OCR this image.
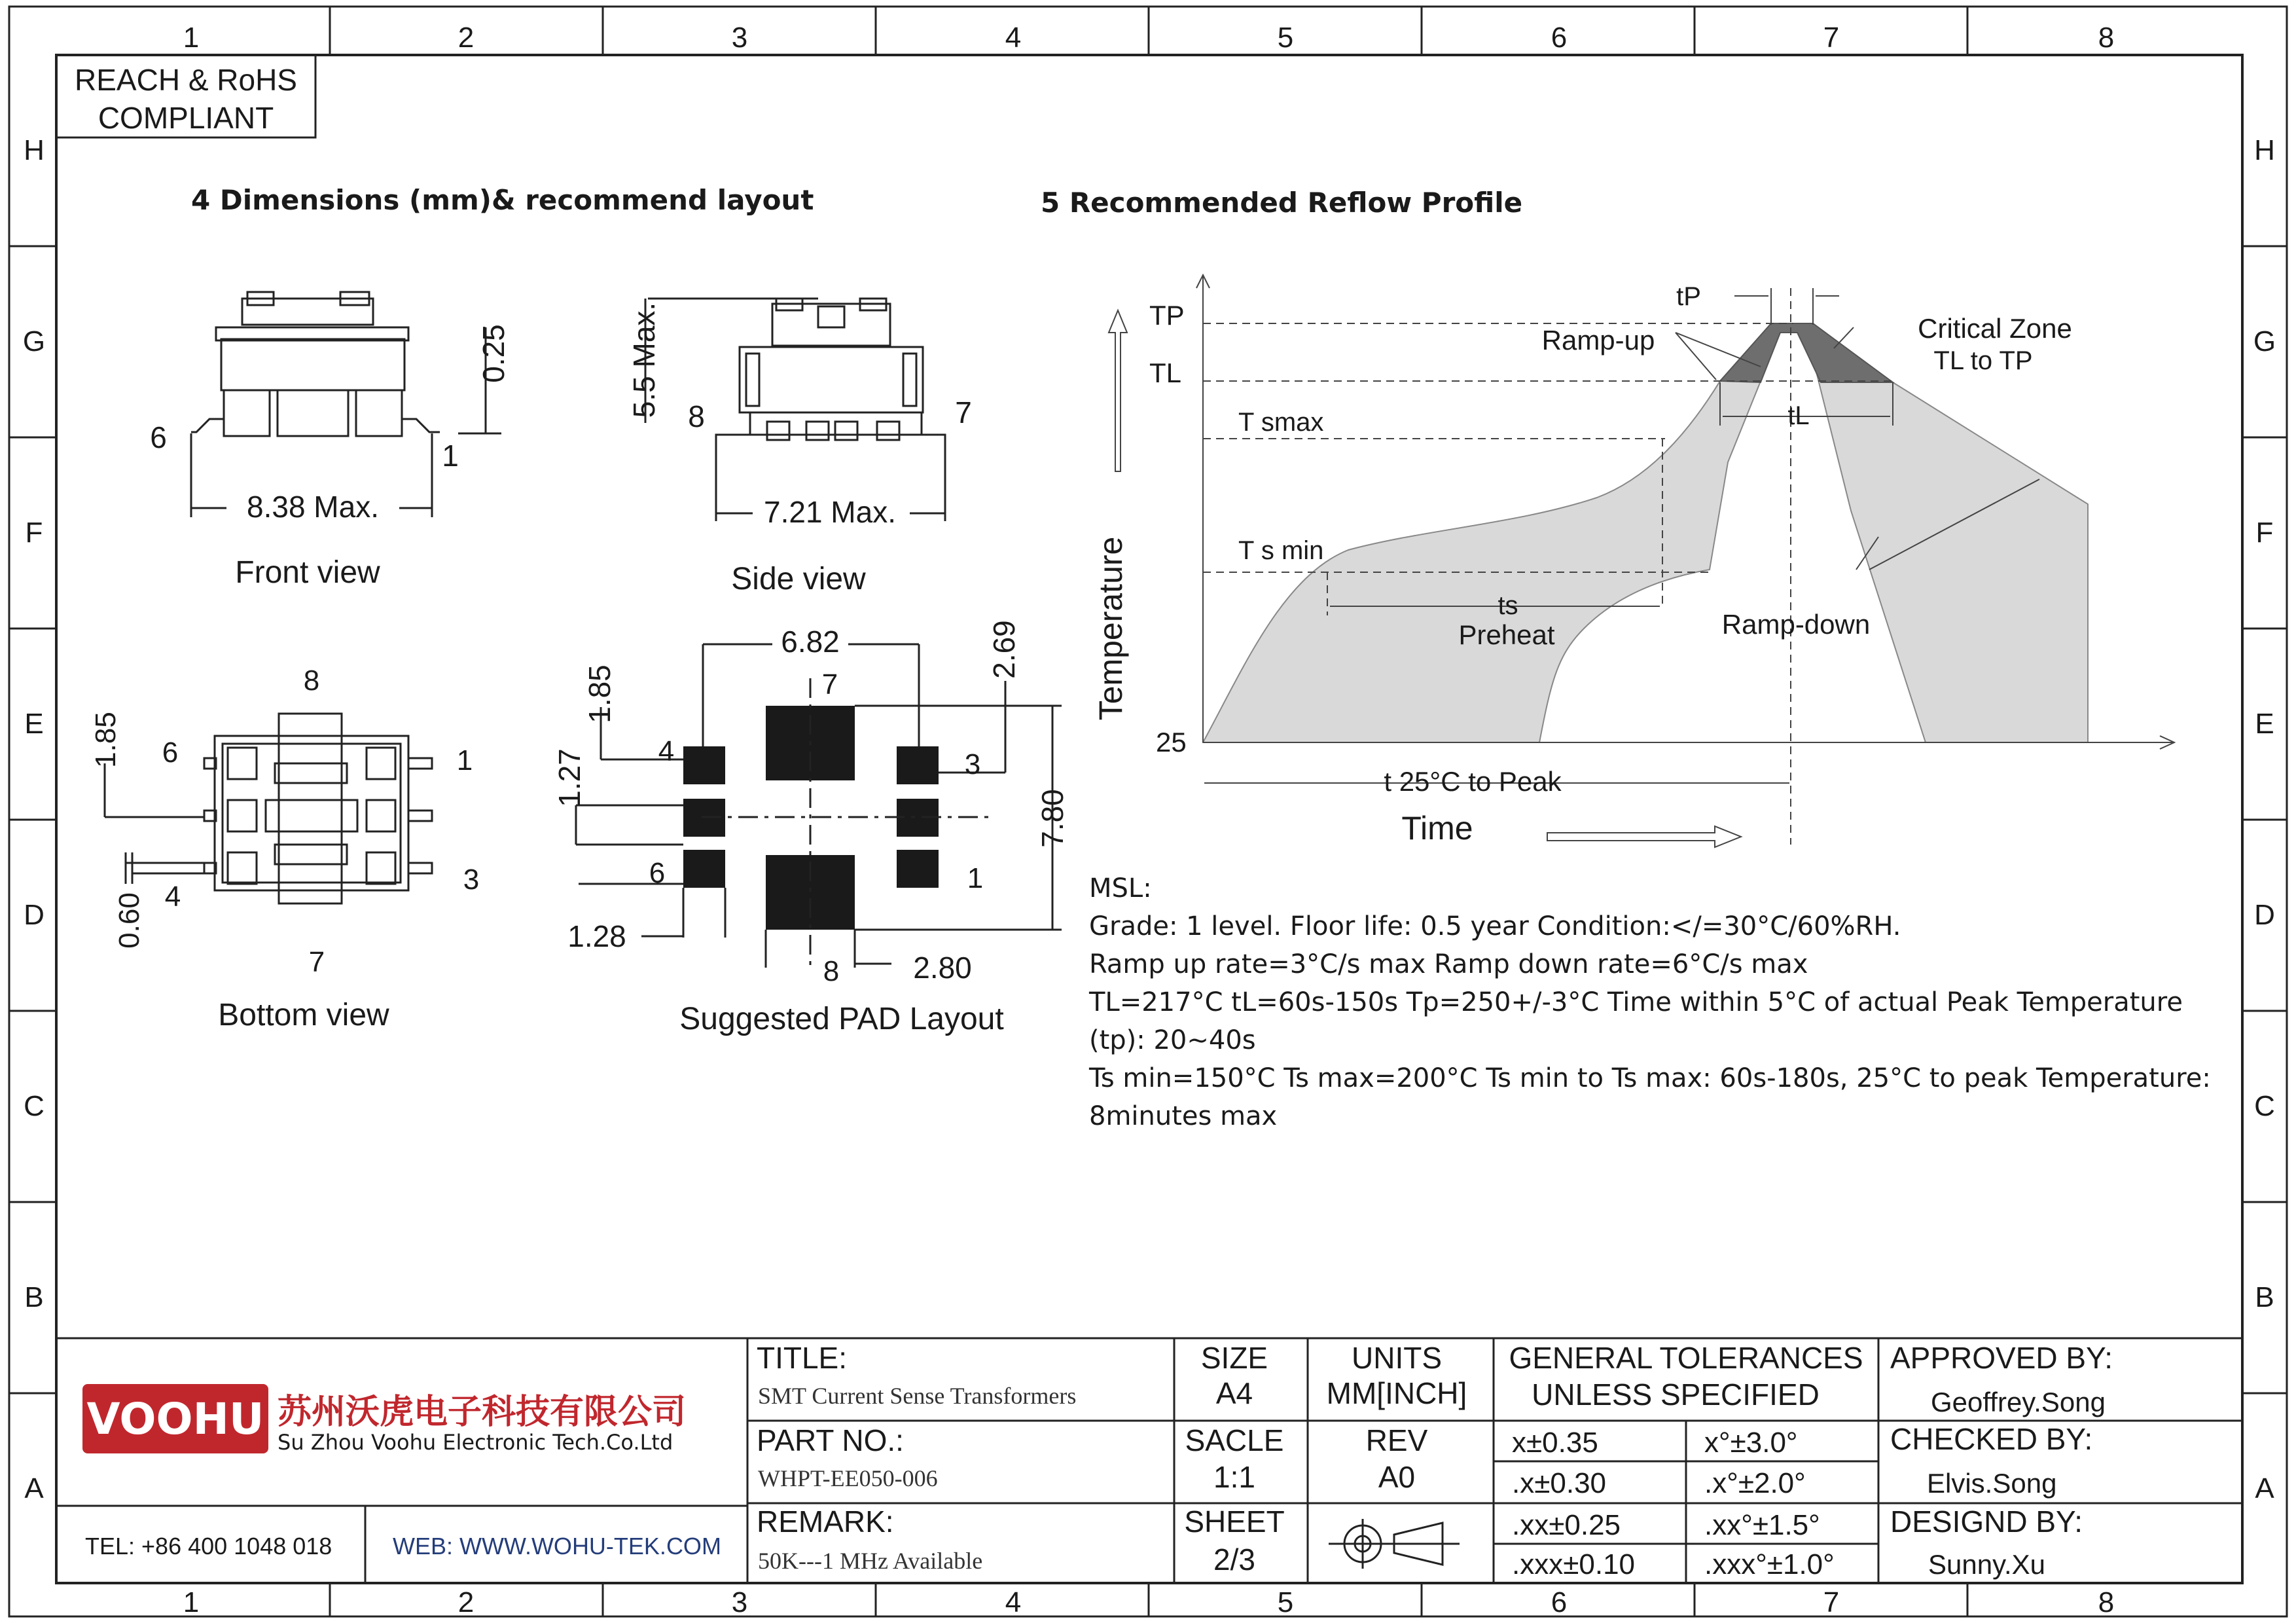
1	2	3	4	5	6	7	8
1	2	3	4	5	6	7	8
H
G
F
E
D
C
B
A
H
G
F
E
D
C
B
A
REACH & RoHS
COMPLIANT
4 Dimensions (mm)& recommend layout	5 Recommended Reflow Profile
8.38 Max.
6
1
0.25
Front view
7.21 Max.
5.5 Max. 8	7
Side view
8
7
6	1
4
3
1.85
0.60
Bottom view
6.82
1.85
1.27
1.28
2.69
7.80
2.80
7
8
4	3
6	1
Suggested PAD Layout
TP
TL
T smax
T s min
25
tP
tL
ts
Ramp-up	Critical Zone
TL to TP
Preheat	Ramp-down
t 25°C to Peak
Temperature
Time
VOOHU 苏州沃虎电子科技有限公司
Su Zhou Voohu Electronic Tech.Co.Ltd
TEL: +86 400 1048 018	WEB: WWW.WOHU-TEK.COM
TITLE:
SMT Current Sense Transformers
PART NO.:
WHPT-EE050-006
REMARK:
50K---1 MHz Available
SIZE
A4
UNITS
MM[INCH]
SACLE
1:1
REV
A0
SHEET
2/3
GENERAL TOLERANCES
UNLESS SPECIFIED
x±0.35	x°±3.0°
.x±0.30	.x°±2.0°
.xx±0.25	.xx°±1.5°
.xxx±0.10 .xxx°±1.0°
APPROVED BY:
Geoffrey.Song
CHECKED BY:
Elvis.Song
DESIGND BY:
Sunny.Xu
MSL:
Grade: 1 level. Floor life: 0.5 year Condition:</=30°C/60%RH.
Ramp up rate=3°C/s max Ramp down rate=6°C/s max
TL=217°C tL=60s-150s Tp=250+/-3°C Time within 5°C of actual Peak Temperature
(tp): 20~40s
Ts min=150°C Ts max=200°C Ts min to Ts max: 60s-180s, 25°C to peak Temperature:
8minutes max
